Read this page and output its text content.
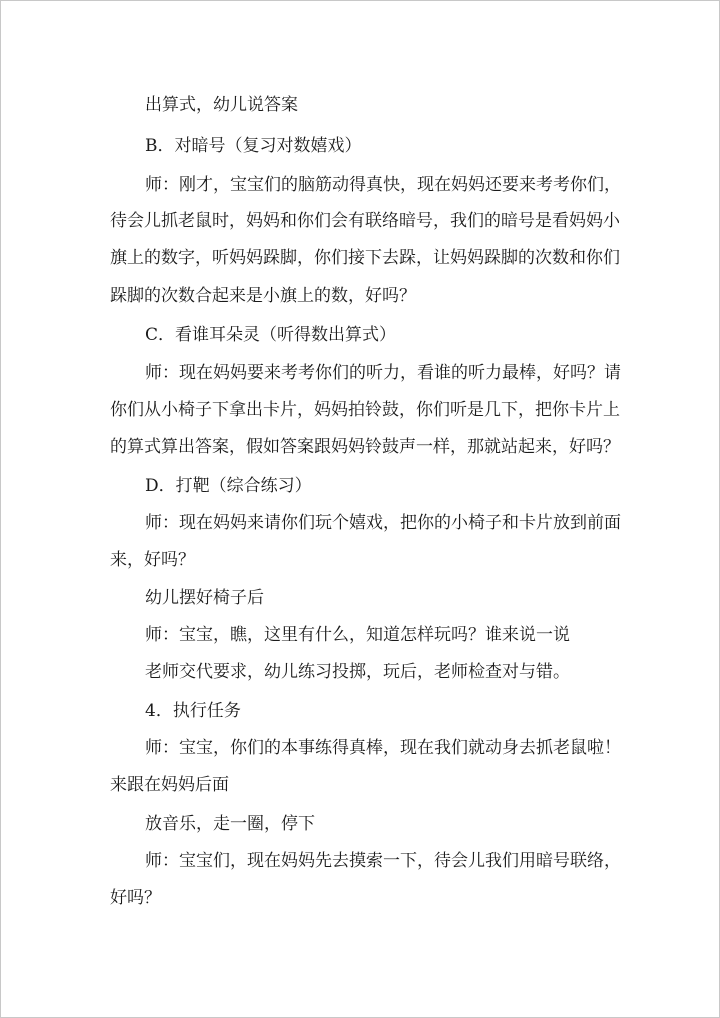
出算式，幼儿说答案
B．对暗号（复习对数嬉戏）
师：刚才，宝宝们的脑筋动得真快，现在妈妈还要来考考你们，
待会儿抓老鼠时，妈妈和你们会有联络暗号，我们的暗号是看妈妈小
旗上的数字，听妈妈跺脚，你们接下去跺，让妈妈跺脚的次数和你们
跺脚的次数合起来是小旗上的数，好吗？
C．看谁耳朵灵（听得数出算式）
师：现在妈妈要来考考你们的听力，看谁的听力最棒，好吗？请
你们从小椅子下拿出卡片，妈妈拍铃鼓，你们听是几下，把你卡片上
的算式算出答案，假如答案跟妈妈铃鼓声一样，那就站起来，好吗？
D．打靶（综合练习）
师：现在妈妈来请你们玩个嬉戏，把你的小椅子和卡片放到前面
来，好吗？
幼儿摆好椅子后
师：宝宝，瞧，这里有什么，知道怎样玩吗？谁来说一说
老师交代要求，幼儿练习投掷，玩后，老师检查对与错。
4．执行任务
师：宝宝，你们的本事练得真棒，现在我们就动身去抓老鼠啦！
来跟在妈妈后面
放音乐，走一圈，停下
师：宝宝们，现在妈妈先去摸索一下，待会儿我们用暗号联络，
好吗？
